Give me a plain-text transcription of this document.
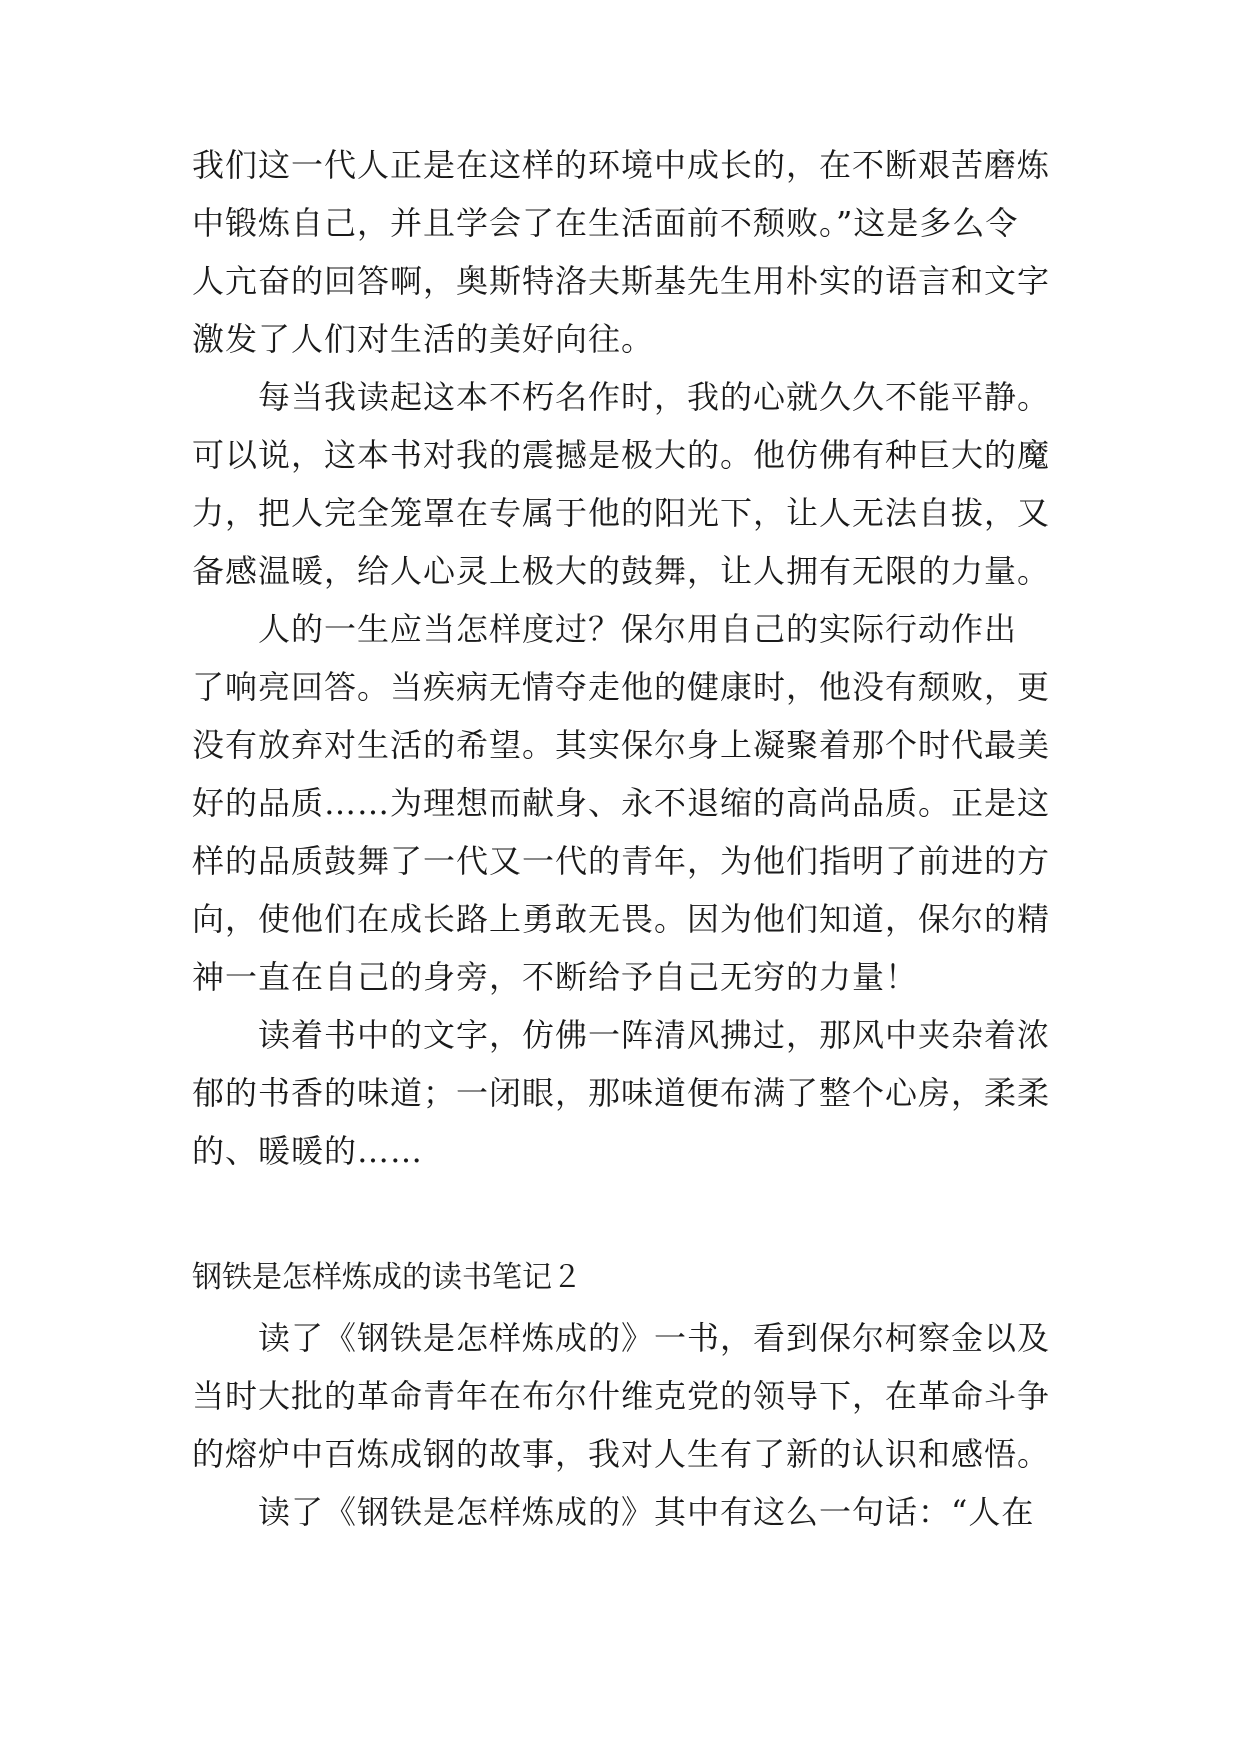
我们这一代人正是在这样的环境中成长的，在不断艰苦磨炼

中锻炼自己，并且学会了在生活面前不颓败。”这是多么令

人亢奋的回答啊，奥斯特洛夫斯基先生用朴实的语言和文字

激发了人们对生活的美好向往。

　　每当我读起这本不朽名作时，我的心就久久不能平静。

可以说，这本书对我的震撼是极大的。他仿佛有种巨大的魔

力，把人完全笼罩在专属于他的阳光下，让人无法自拔，又

备感温暖，给人心灵上极大的鼓舞，让人拥有无限的力量。

　　人的一生应当怎样度过？保尔用自己的实际行动作出

了响亮回答。当疾病无情夺走他的健康时，他没有颓败，更

没有放弃对生活的希望。其实保尔身上凝聚着那个时代最美

好的品质……为理想而献身、永不退缩的高尚品质。正是这

样的品质鼓舞了一代又一代的青年，为他们指明了前进的方

向，使他们在成长路上勇敢无畏。因为他们知道，保尔的精

神一直在自己的身旁，不断给予自己无穷的力量！

　　读着书中的文字，仿佛一阵清风拂过，那风中夹杂着浓

郁的书香的味道；一闭眼，那味道便布满了整个心房，柔柔

的、暖暖的……

钢铁是怎样炼成的读书笔记２

　　读了《钢铁是怎样炼成的》一书，看到保尔柯察金以及

当时大批的革命青年在布尔什维克党的领导下，在革命斗争

的熔炉中百炼成钢的故事，我对人生有了新的认识和感悟。

　　读了《钢铁是怎样炼成的》其中有这么一句话：“人在
